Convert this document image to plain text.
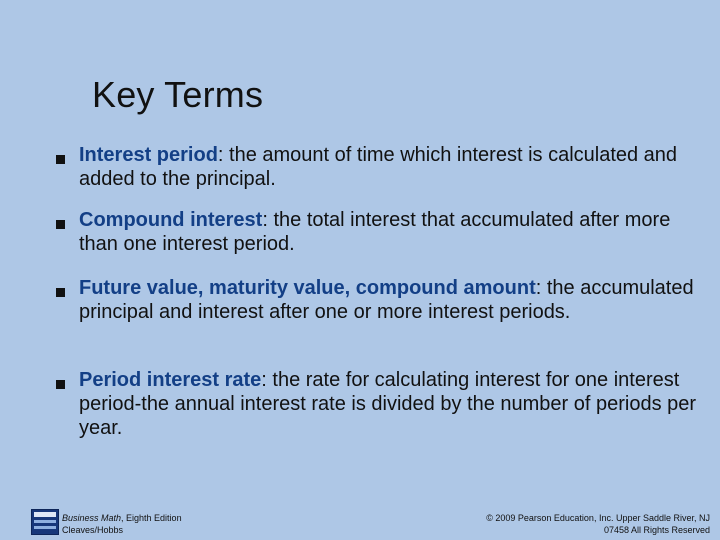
Key Terms
Interest period: the amount of time which interest is calculated and added to the principal.
Compound interest: the total interest that accumulated after more than one interest period.
Future value, maturity value, compound amount: the accumulated principal and interest after one or more interest periods.
Period interest rate: the rate for calculating interest for one interest period-the annual interest rate is divided by the number of periods per year.
Business Math, Eighth Edition
Cleaves/Hobbs
© 2009 Pearson Education, Inc. Upper Saddle River, NJ
07458 All Rights Reserved
